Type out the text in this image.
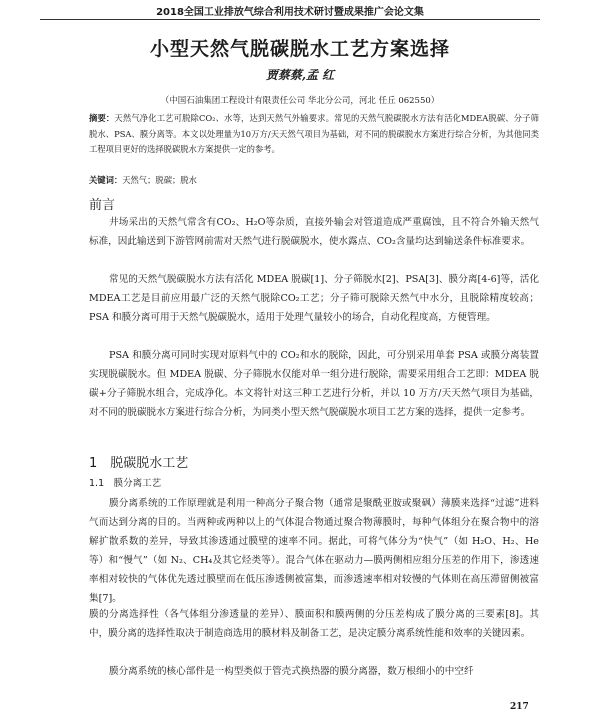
2018全国工业排放气综合利用技术研讨暨成果推广会论文集
小型天然气脱碳脱水工艺方案选择
贾蔡蔡,孟 红
（中国石油集团工程设计有限责任公司 华北分公司，河北 任丘 062550）
摘要：天然气净化工艺可脱除CO₂、水等，达到天然气外输要求。常见的天然气脱碳脱水方法有活化MDEA脱碳、分子筛脱水、PSA、膜分离等。本文以处理量为10万方/天天然气项目为基础，对不同的脱碳脱水方案进行综合分析，为其他同类工程项目更好的选择脱碳脱水方案提供一定的参考。
关键词：天然气；脱碳；脱水
前言

井场采出的天然气常含有CO₂、H₂O等杂质，直接外输会对管道造成严重腐蚀，且不符合外输天然气标准，因此输送到下游管网前需对天然气进行脱碳脱水，使水露点、CO₂含量均达到输送条件标准要求。

常见的天然气脱碳脱水方法有活化 MDEA 脱碳[1]、分子筛脱水[2]、PSA[3]、膜分离[4-6]等，活化MDEA工艺是目前应用最广泛的天然气脱除CO₂工艺；分子筛可脱除天然气中水分，且脱除精度较高；PSA 和膜分离可用于天然气脱碳脱水，适用于处理气量较小的场合，自动化程度高，方便管理。

PSA 和膜分离可同时实现对原料气中的 CO₂和水的脱除，因此，可分别采用单套 PSA 或膜分离装置实现脱碳脱水。但 MDEA 脱碳、分子筛脱水仅能对单一组分进行脱除，需要采用组合工艺即：MDEA 脱碳+分子筛脱水组合，完成净化。本文将针对这三种工艺进行分析，并以 10 万方/天天然气项目为基础，对不同的脱碳脱水方案进行综合分析，为同类小型天然气脱碳脱水项目工艺方案的选择，提供一定参考。

1　脱碳脱水工艺
1.1　膜分离工艺

膜分离系统的工作原理就是利用一种高分子聚合物（通常是聚酰亚胺或聚砜）薄膜来选择“过滤”进料气而达到分离的目的。当两种或两种以上的气体混合物通过聚合物薄膜时，每种气体组分在聚合物中的溶解扩散系数的差异，导致其渗透通过膜壁的速率不同。据此，可将气体分为“快气”（如 H₂O、H₂、He 等）和“慢气”（如 N₂、CH₄及其它烃类等）。混合气体在驱动力—膜两侧相应组分压差的作用下，渗透速率相对较快的气体优先透过膜壁而在低压渗透侧被富集，而渗透速率相对较慢的气体则在高压滞留侧被富集[7]。

膜的分离选择性（各气体组分渗透量的差异）、膜面积和膜两侧的分压差构成了膜分离的三要素[8]。其中，膜分离的选择性取决于制造商选用的膜材料及制备工艺，是决定膜分离系统性能和效率的关键因素。

膜分离系统的核心部件是一构型类似于管壳式换热器的膜分离器，数万根细小的中空纤

217
